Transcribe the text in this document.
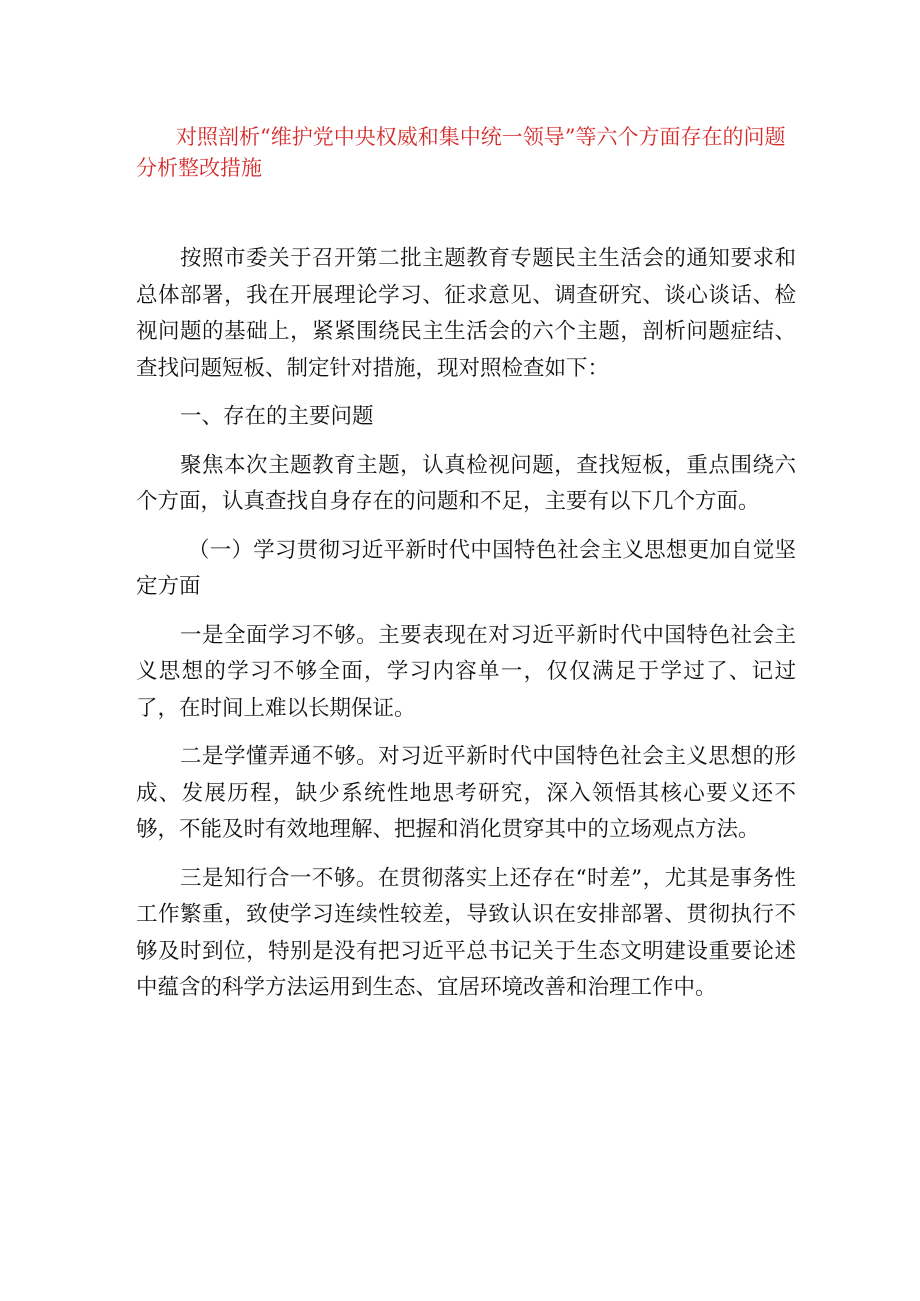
对照剖析“维护党中央权威和集中统一领导”等六个方面存在的问题分析整改措施

按照市委关于召开第二批主题教育专题民主生活会的通知要求和总体部署，我在开展理论学习、征求意见、调查研究、谈心谈话、检视问题的基础上，紧紧围绕民主生活会的六个主题，剖析问题症结、查找问题短板、制定针对措施，现对照检查如下：

一、存在的主要问题

聚焦本次主题教育主题，认真检视问题，查找短板，重点围绕六个方面，认真查找自身存在的问题和不足，主要有以下几个方面。

（一）学习贯彻习近平新时代中国特色社会主义思想更加自觉坚定方面

一是全面学习不够。主要表现在对习近平新时代中国特色社会主义思想的学习不够全面，学习内容单一，仅仅满足于学过了、记过了，在时间上难以长期保证。

二是学懂弄通不够。对习近平新时代中国特色社会主义思想的形成、发展历程，缺少系统性地思考研究，深入领悟其核心要义还不够，不能及时有效地理解、把握和消化贯穿其中的立场观点方法。

三是知行合一不够。在贯彻落实上还存在“时差”，尤其是事务性工作繁重，致使学习连续性较差，导致认识在安排部署、贯彻执行不够及时到位，特别是没有把习近平总书记关于生态文明建设重要论述中蕴含的科学方法运用到生态、宜居环境改善和治理工作中。
